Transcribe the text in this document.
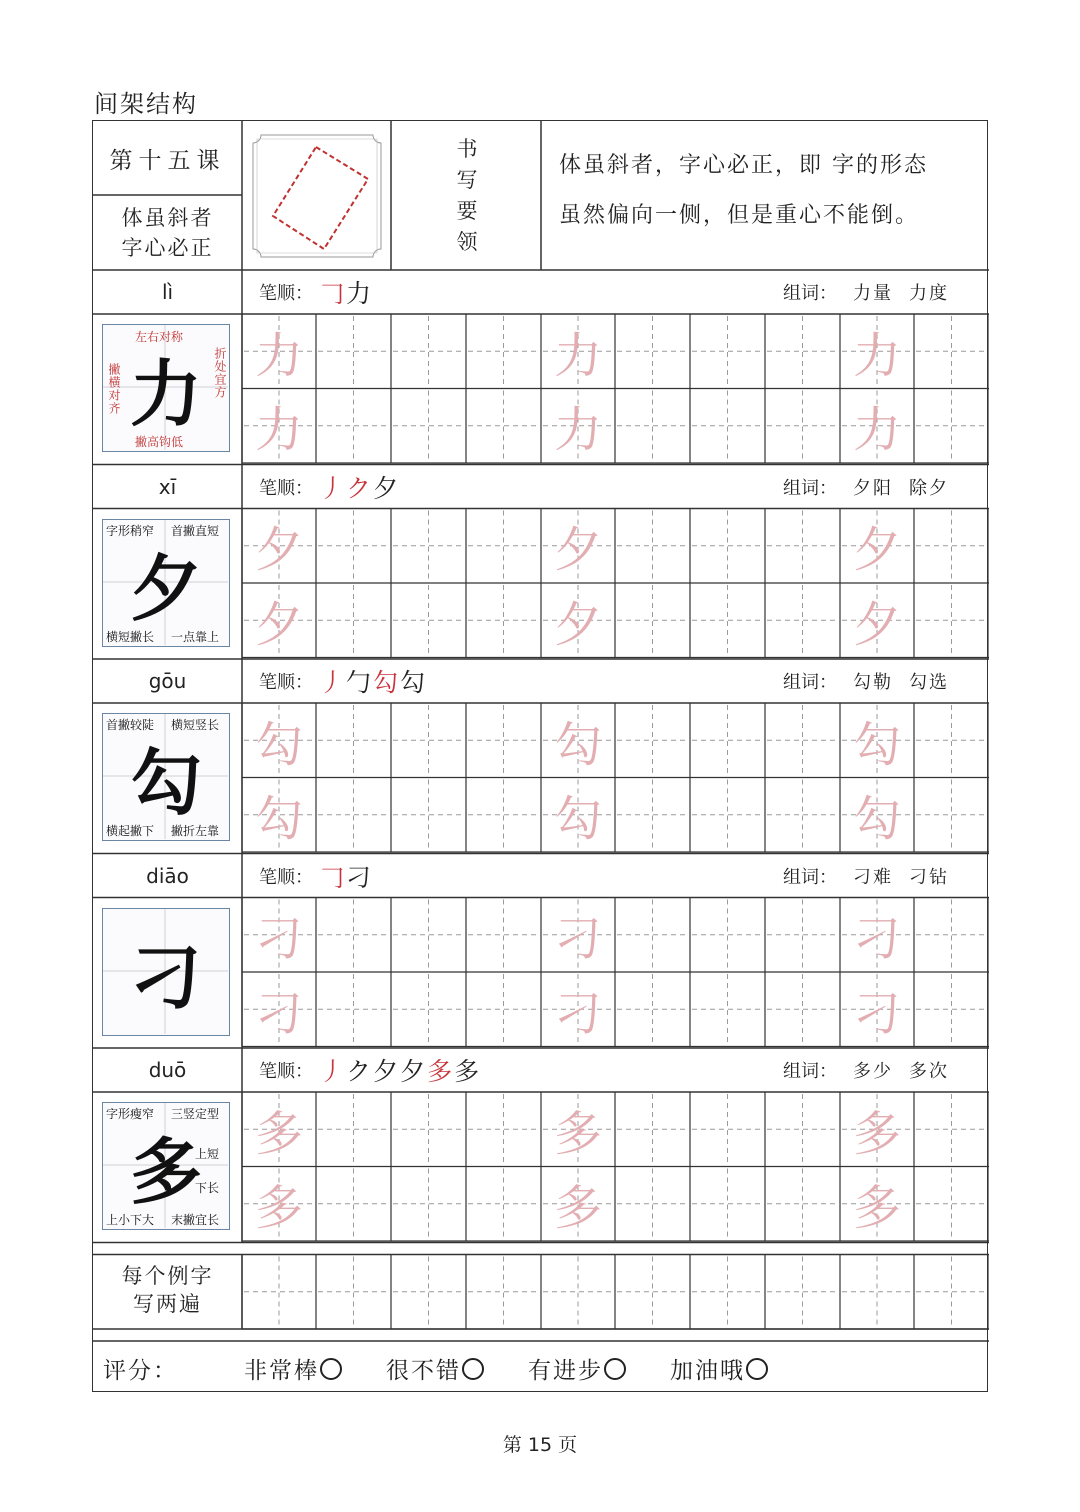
间架结构
第十五课
体虽斜者
字心必正
书
写
要
领
体虽斜者，字心必正，即 字的形态
虽然偏向一侧，但是重心不能倒。
lì	笔顺： 𠃌力	组词： 力量 力度
力
左右对称
撇横对齐	折处宜方
撇高钩低
力
力
力
力
力
力
xī	笔顺： 丿ク夕	组词： 夕阳 除夕
夕
字形稍窄 首撇直短
横短撇长 一点靠上
夕
夕
夕
夕
夕
夕
gōu	笔顺： 丿勹勾勾	组词： 勾勒 勾选
勾
首撇较陡 横短竖长
横起撇下 撇折左靠
勾
勾
勾
勾
勾
勾
diāo	笔顺： 𠃌刁	组词： 刁难 刁钻
刁	刁
刁
刁
刁
刁
刁
duō	笔顺： 丿ク夕夕多多	组词： 多少 多次
多
字形瘦窄 三竖定型
上短
下长
上小下大 末撇宜长
多
多
多
多
多
多
每个例字
写两遍
评分：	非常棒	很不错	有进步	加油哦
第 15 页
